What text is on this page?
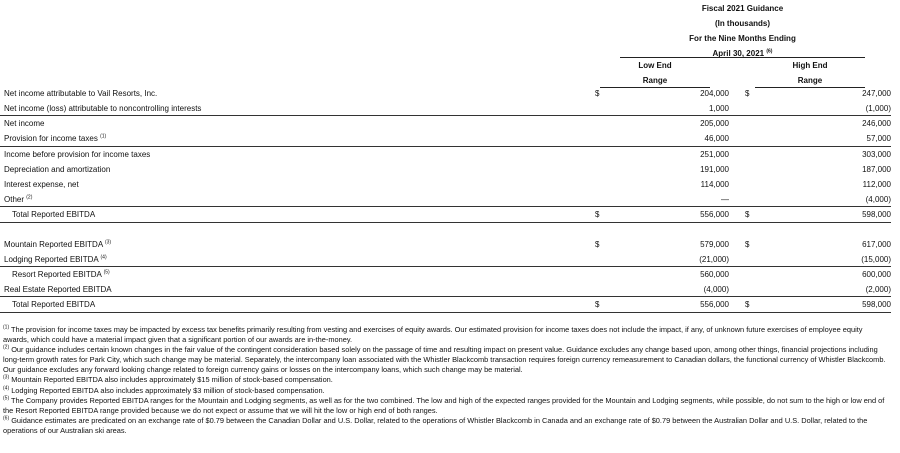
Fiscal 2021 Guidance
(In thousands)
For the Nine Months Ending
April 30, 2021 $^{(6)}$
Low End
Range
High End
Range
Net income attributable to Vail Resorts, Inc.	$	204,000 $	247,000
Net income (loss) attributable to noncontrolling interests	1,000	(1,000)
Net income	205,000	246,000
Provision for income taxes $^{(1)}$	46,000	57,000
Income before provision for income taxes	251,000	303,000
Depreciation and amortization	191,000	187,000
Interest expense, net	114,000	112,000
Other $^{(2)}$	—	(4,000)
Total Reported EBITDA	$	556,000 $	598,000
Mountain Reported EBITDA $^{(3)}$	$	579,000 $	617,000
Lodging Reported EBITDA $^{(4)}$	(21,000)	(15,000)
Resort Reported EBITDA $^{(5)}$	560,000	600,000
Real Estate Reported EBITDA	(4,000)	(2,000)
Total Reported EBITDA	$	556,000 $	598,000

$^{(1)}$ The provision for income taxes may be impacted by excess tax benefits primarily resulting from vesting and exercises of equity awards. Our estimated provision for income taxes does not include the impact, if any, of unknown future exercises of employee equity awards, which could have a material impact given that a significant portion of our awards are in-the-money.

$^{(2)}$ Our guidance includes certain known changes in the fair value of the contingent consideration based solely on the passage of time and resulting impact on present value. Guidance excludes any change based upon, among other things, financial projections including long-term growth rates for Park City, which such change may be material. Separately, the intercompany loan associated with the Whistler Blackcomb transaction requires foreign currency remeasurement to Canadian dollars, the functional currency of Whistler Blackcomb. Our guidance excludes any forward looking change related to foreign currency gains or losses on the intercompany loans, which such change may be material.

$^{(3)}$ Mountain Reported EBITDA also includes approximately $15 million of stock-based compensation.

$^{(4)}$ Lodging Reported EBITDA also includes approximately $3 million of stock-based compensation.

$^{(5)}$ The Company provides Reported EBITDA ranges for the Mountain and Lodging segments, as well as for the two combined. The low and high of the expected ranges provided for the Mountain and Lodging segments, while possible, do not sum to the high or low end of the Resort Reported EBITDA range provided because we do not expect or assume that we will hit the low or high end of both ranges.

$^{(6)}$ Guidance estimates are predicated on an exchange rate of $0.79 between the Canadian Dollar and U.S. Dollar, related to the operations of Whistler Blackcomb in Canada and an exchange rate of $0.79 between the Australian Dollar and U.S. Dollar, related to the operations of our Australian ski areas.
